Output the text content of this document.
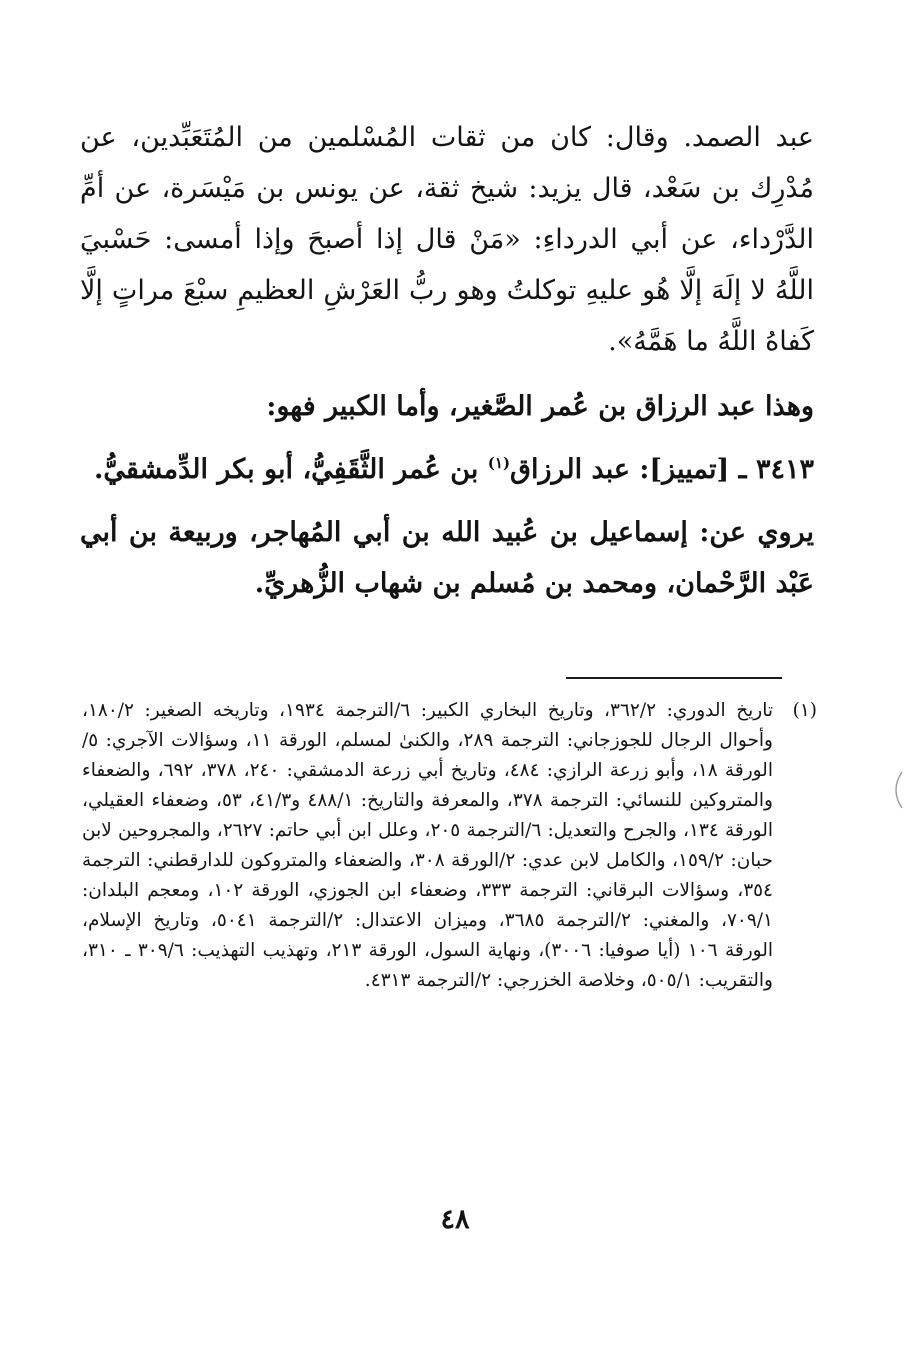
عبد الصمد. وقال: كان من ثقات المُسْلمين من المُتَعَبِّدين، عن مُدْرِك بن سَعْد، قال يزيد: شيخ ثقة، عن يونس بن مَيْسَرة، عن أمِّ الدَّرْداء، عن أبي الدرداءِ: «مَنْ قال إذا أصبحَ وإذا أمسى: حَسْبيَ اللَّهُ لا إلَهَ إلَّا هُو عليهِ توكلتُ وهو ربُّ العَرْشِ العظيمِ سبْعَ مراتٍ إلَّا كَفاهُ اللَّهُ ما هَمَّهُ».

وهذا عبد الرزاق بن عُمر الصَّغير، وأما الكبير فهو:

٣٤١٣ ـ [تمييز]: عبد الرزاق$^{(١)}$ بن عُمر الثَّقَفِيُّ، أبو بكر الدِّمشقيُّ.

يروي عن: إسماعيل بن عُبيد الله بن أبي المُهاجر، وربيعة بن أبي عَبْد الرَّحْمان، ومحمد بن مُسلم بن شهاب الزُّهريِّ.

(١)
تاريخ الدوري: ٣٦٢/٢، وتاريخ البخاري الكبير: ٦/الترجمة ١٩٣٤، وتاريخه الصغير: ١٨٠/٢، وأحوال الرجال للجوزجاني: الترجمة ٢٨٩، والكنىٰ لمسلم، الورقة ١١، وسؤالات الآجري: ٥/الورقة ١٨، وأبو زرعة الرازي: ٤٨٤، وتاريخ أبي زرعة الدمشقي: ٢٤٠، ٣٧٨، ٦٩٢، والضعفاء والمتروكين للنسائي: الترجمة ٣٧٨، والمعرفة والتاريخ: ٤٨٨/١ و٤١/٣، ٥٣، وضعفاء العقيلي، الورقة ١٣٤، والجرح والتعديل: ٦/الترجمة ٢٠٥، وعلل ابن أبي حاتم: ٢٦٢٧، والمجروحين لابن حبان: ١٥٩/٢، والكامل لابن عدي: ٢/الورقة ٣٠٨، والضعفاء والمتروكون للدارقطني: الترجمة ٣٥٤، وسؤالات البرقاني: الترجمة ٣٣٣، وضعفاء ابن الجوزي، الورقة ١٠٢، ومعجم البلدان: ٧٠٩/١، والمغني: ٢/الترجمة ٣٦٨٥، وميزان الاعتدال: ٢/الترجمة ٥٠٤١، وتاريخ الإسلام، الورقة ١٠٦ (أيا صوفيا: ٣٠٠٦)، ونهاية السول، الورقة ٢١٣، وتهذيب التهذيب: ٣٠٩/٦ ـ ٣١٠، والتقريب: ٥٠٥/١، وخلاصة الخزرجي: ٢/الترجمة ٤٣١٣.
٤٨
